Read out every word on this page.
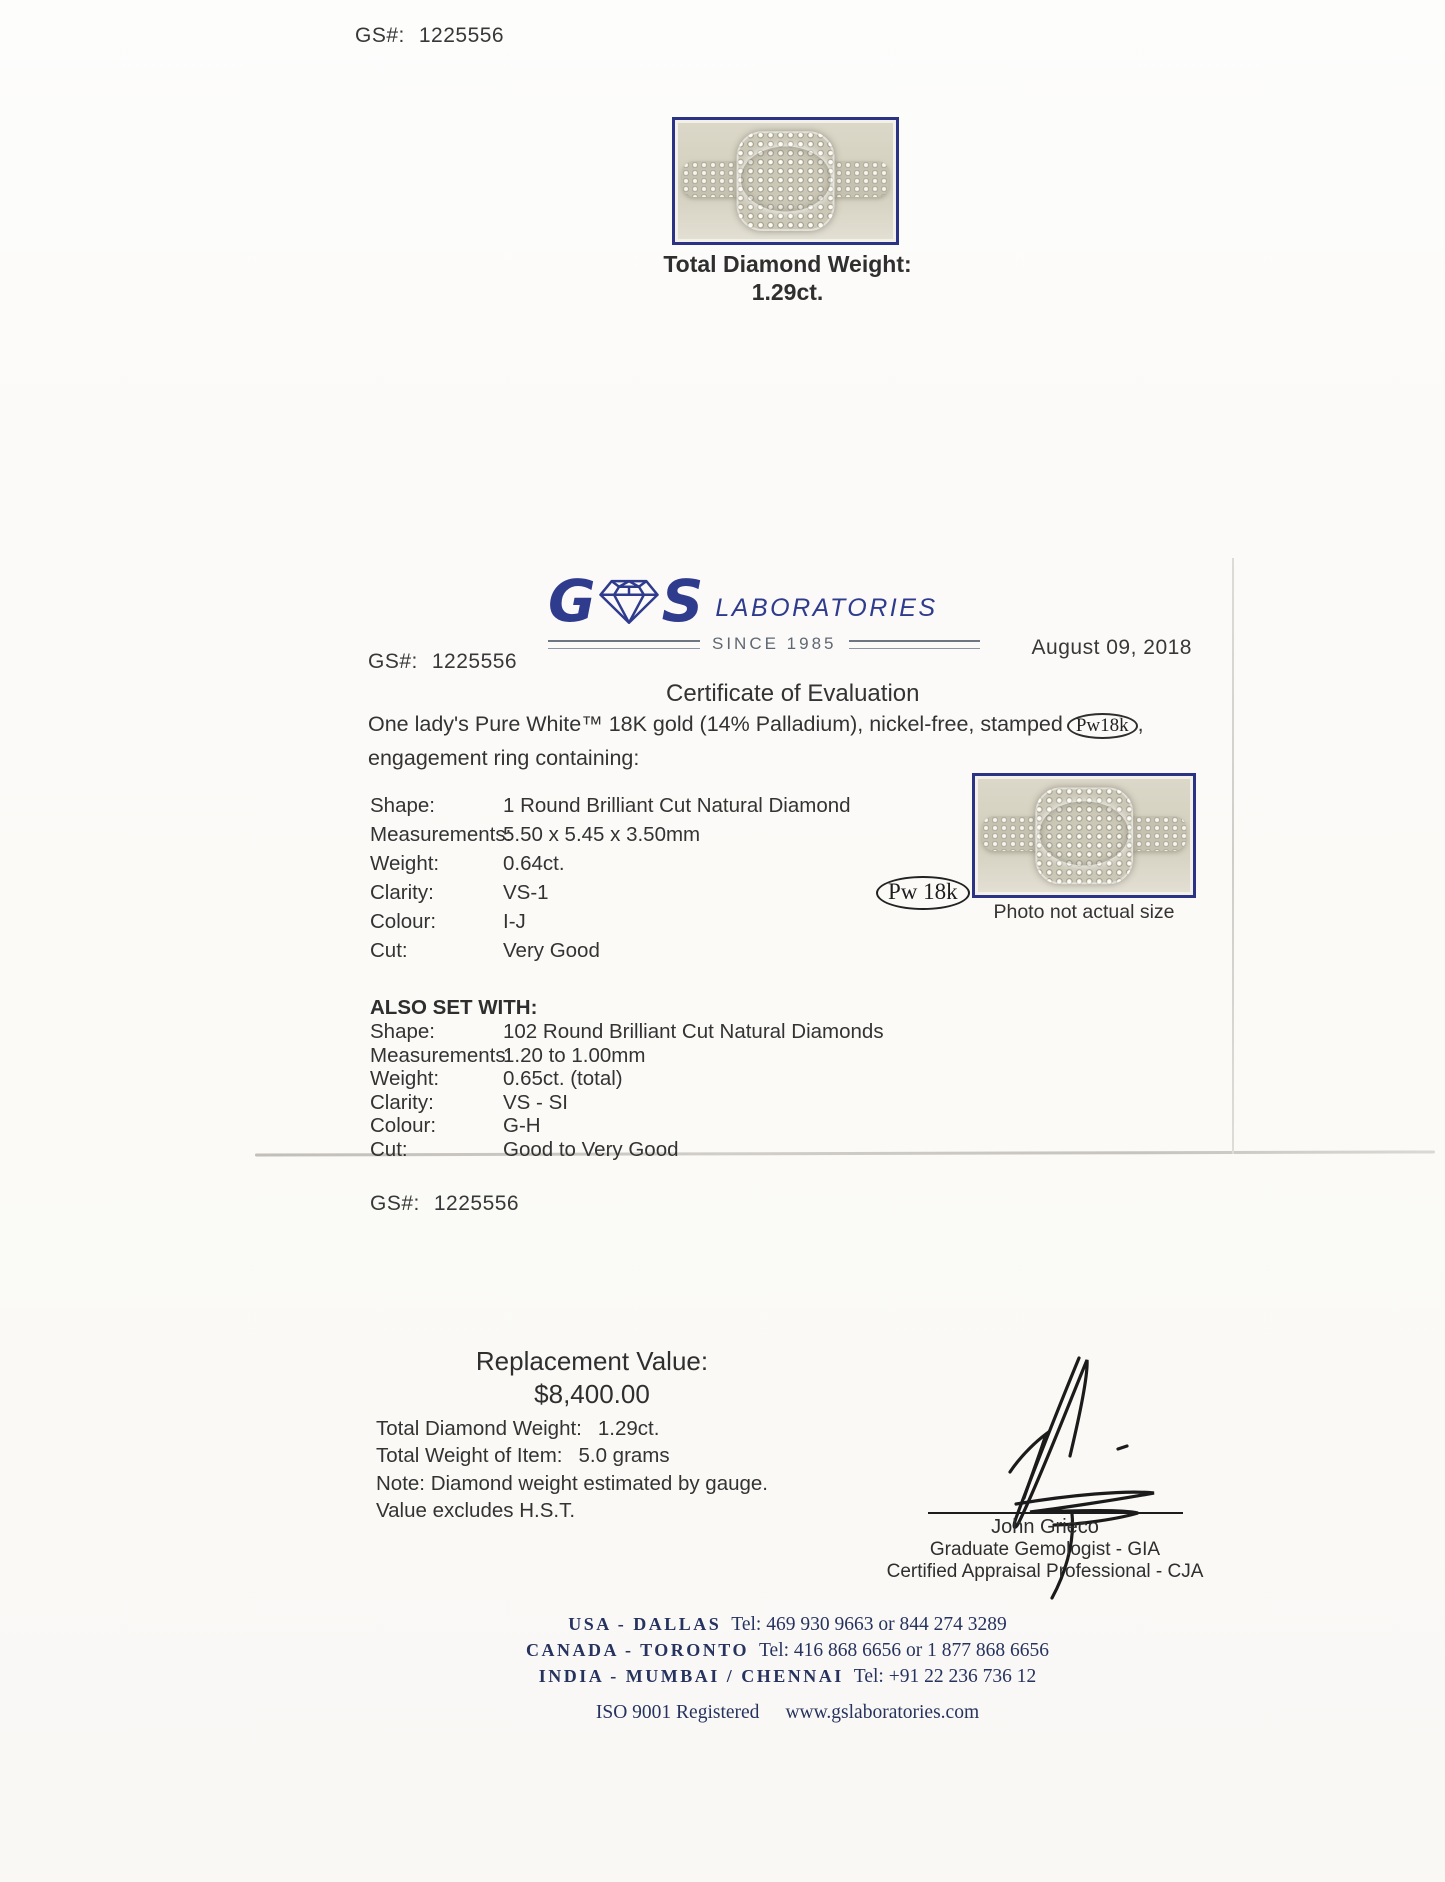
GS#: 1225556
Total Diamond Weight:
1.29ct.
G S LABORATORIES
SINCE 1985	August 09, 2018
GS#: 1225556
Certificate of Evaluation
One lady's Pure White™ 18K gold (14% Palladium), nickel-free, stamped Pw18k ,
engagement ring containing:
Shape:	1 Round Brilliant Cut Natural Diamond
Measurements:
5.50 x 5.45 x 3.50mm
Weight:	0.64ct.
Clarity:	VS-1
Colour:	I-J
Cut:	Very Good
Pw 18k
Photo not actual size
ALSO SET WITH:
Shape:	102 Round Brilliant Cut Natural Diamonds
Measurements:
1.20 to 1.00mm
Weight:	0.65ct. (total)
Clarity:	VS - SI
Colour:	G-H
Cut:	Good to Very Good
GS#: 1225556
Replacement Value:
$8,400.00
Total Diamond Weight: 1.29ct.
Total Weight of Item: 5.0 grams
Note: Diamond weight estimated by gauge.
Value excludes H.S.T.
John Grieco
Graduate Gemologist - GIA
Certified Appraisal Professional - CJA
USA - DALLAS Tel: 469 930 9663 or 844 274 3289
CANADA - TORONTO Tel: 416 868 6656 or 1 877 868 6656
INDIA - MUMBAI / CHENNAI Tel: +91 22 236 736 12
ISO 9001 Registered www.gslaboratories.com
